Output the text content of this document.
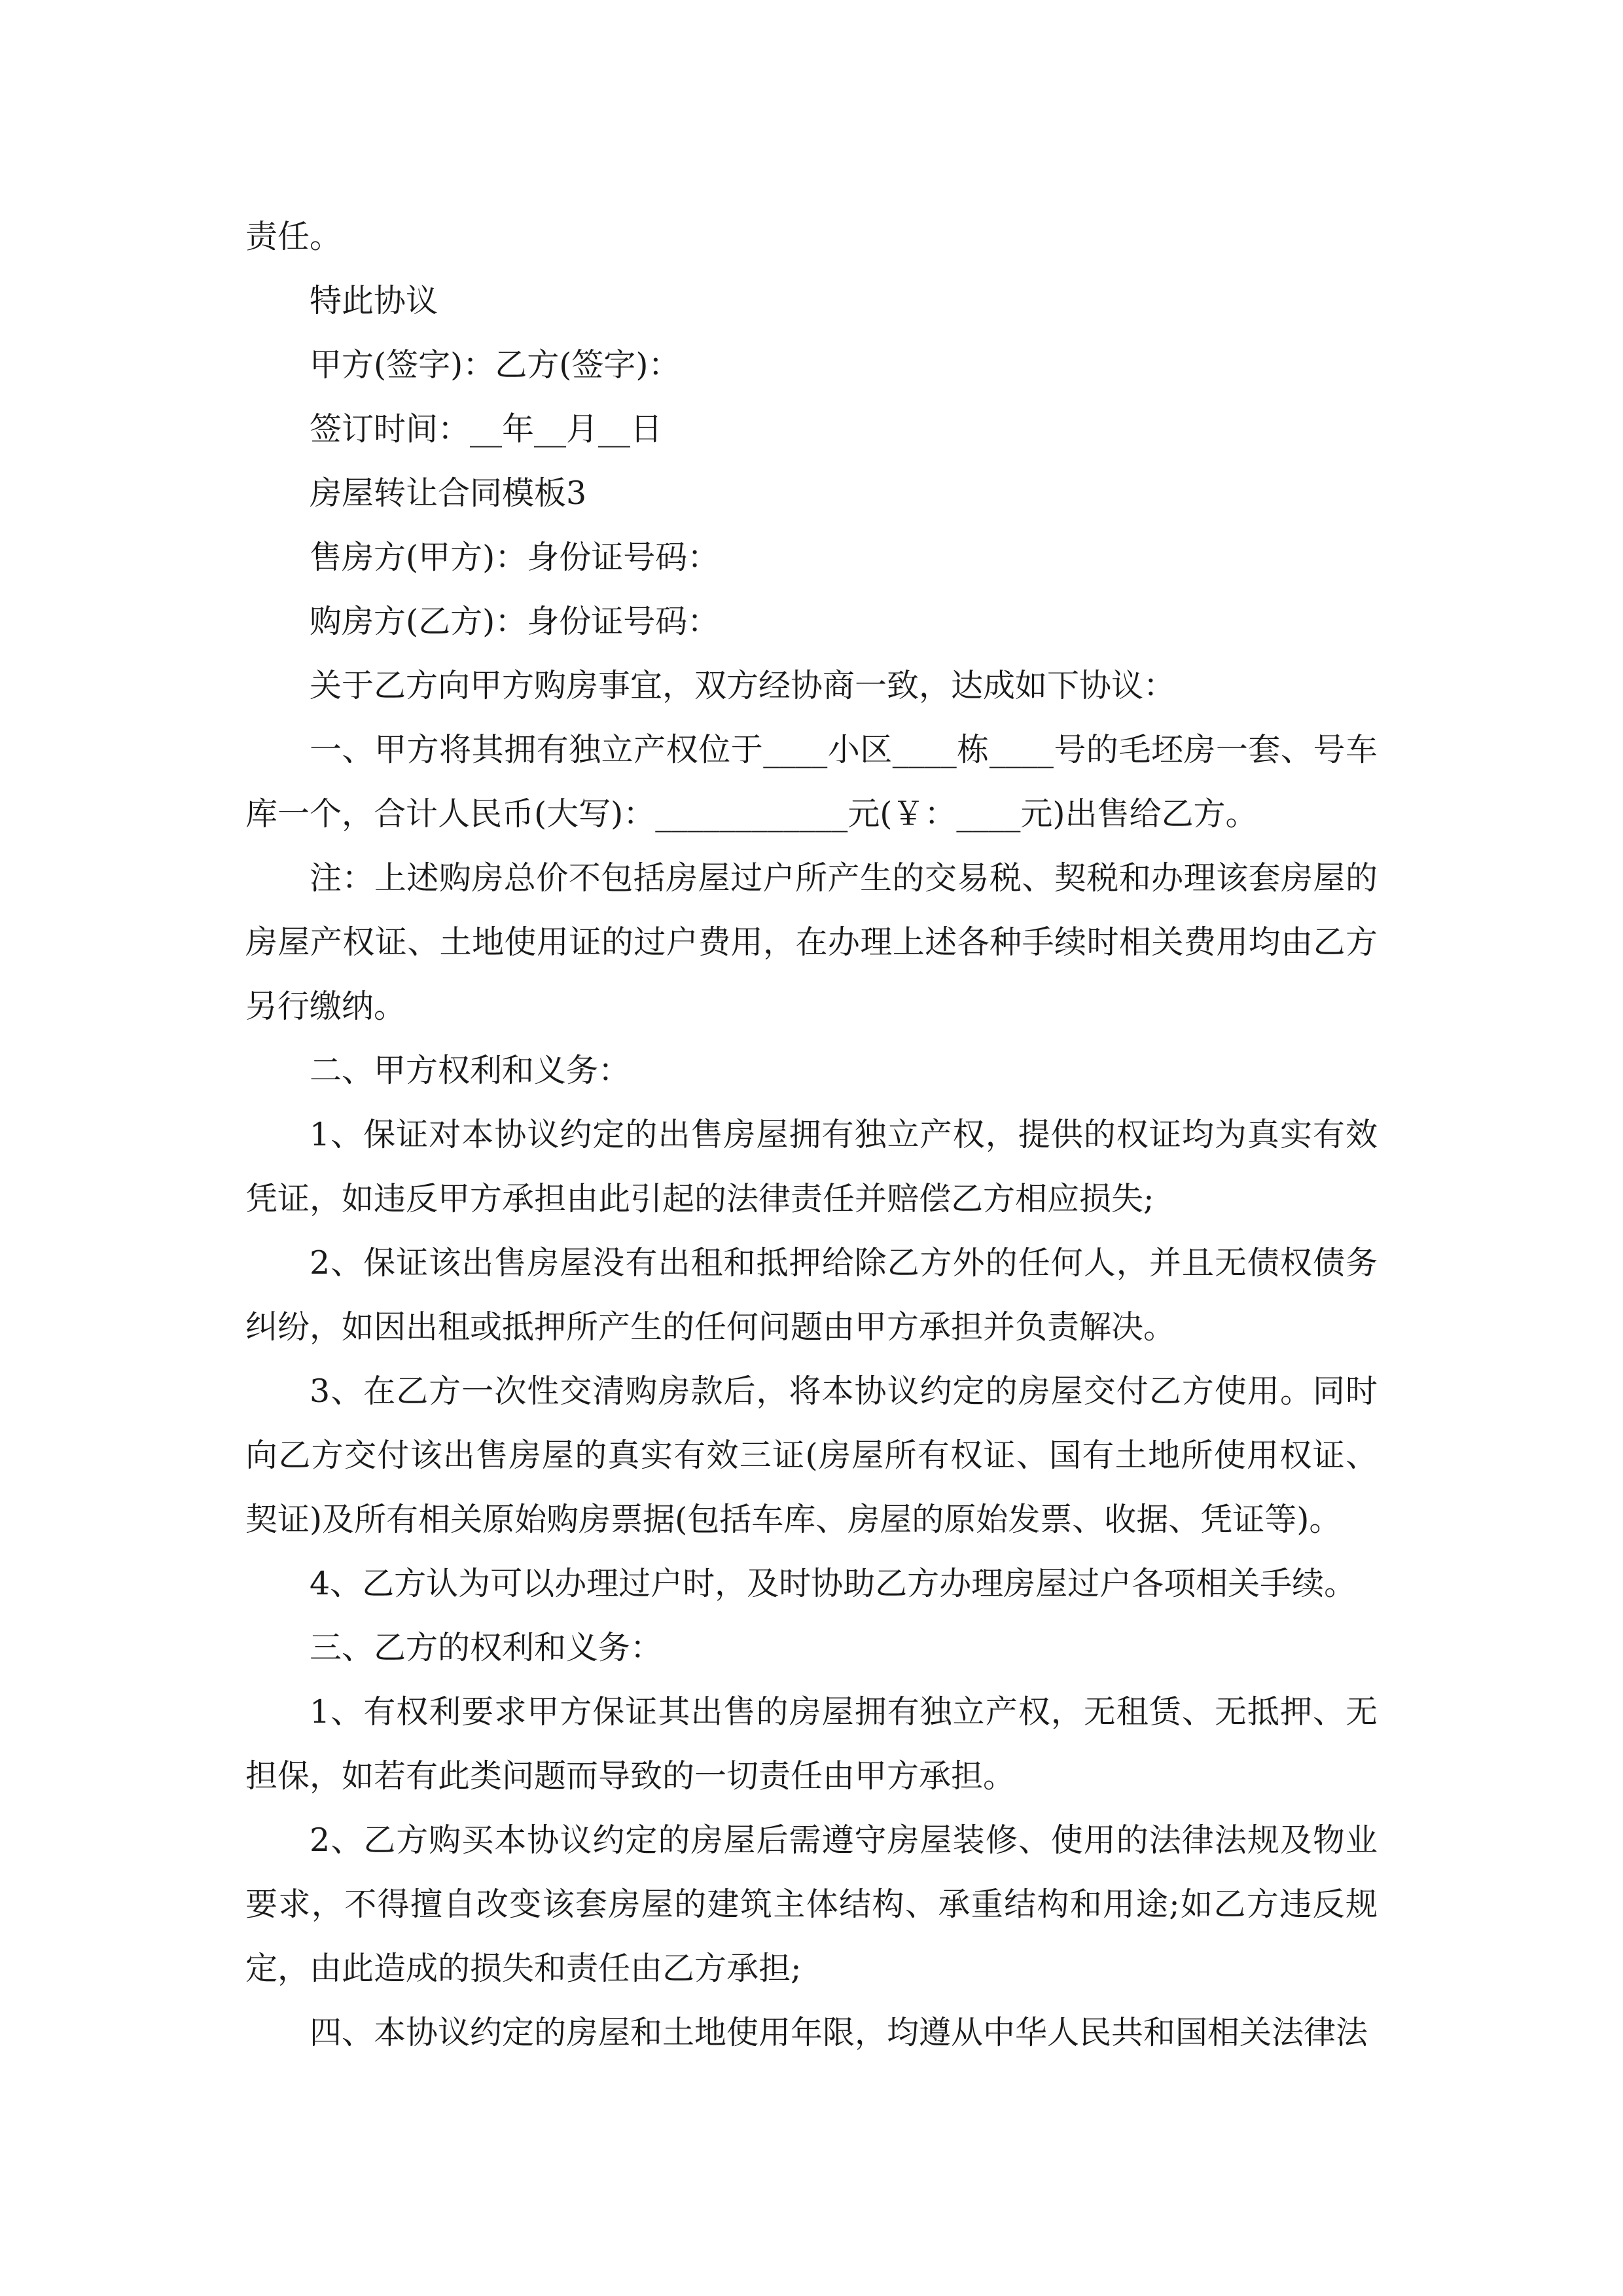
责任。

特此协议

甲方(签字)：乙方(签字)：

签订时间：__年__月__日

房屋转让合同模板3

售房方(甲方)：身份证号码：

购房方(乙方)：身份证号码：

关于乙方向甲方购房事宜，双方经协商一致，达成如下协议：

一、甲方将其拥有独立产权位于____小区____栋____号的毛坯房一套、号车库一个，合计人民币(大写)：____________元(￥：____元)出售给乙方。

注：上述购房总价不包括房屋过户所产生的交易税、契税和办理该套房屋的房屋产权证、土地使用证的过户费用，在办理上述各种手续时相关费用均由乙方另行缴纳。

二、甲方权利和义务：

1、保证对本协议约定的出售房屋拥有独立产权，提供的权证均为真实有效凭证，如违反甲方承担由此引起的法律责任并赔偿乙方相应损失;

2、保证该出售房屋没有出租和抵押给除乙方外的任何人，并且无债权债务纠纷，如因出租或抵押所产生的任何问题由甲方承担并负责解决。

3、在乙方一次性交清购房款后，将本协议约定的房屋交付乙方使用。同时向乙方交付该出售房屋的真实有效三证(房屋所有权证、国有土地所使用权证、契证)及所有相关原始购房票据(包括车库、房屋的原始发票、收据、凭证等)。

4、乙方认为可以办理过户时，及时协助乙方办理房屋过户各项相关手续。

三、乙方的权利和义务：

1、有权利要求甲方保证其出售的房屋拥有独立产权，无租赁、无抵押、无担保，如若有此类问题而导致的一切责任由甲方承担。

2、乙方购买本协议约定的房屋后需遵守房屋装修、使用的法律法规及物业要求，不得擅自改变该套房屋的建筑主体结构、承重结构和用途;如乙方违反规定，由此造成的损失和责任由乙方承担;

四、本协议约定的房屋和土地使用年限，均遵从中华人民共和国相关法律法
